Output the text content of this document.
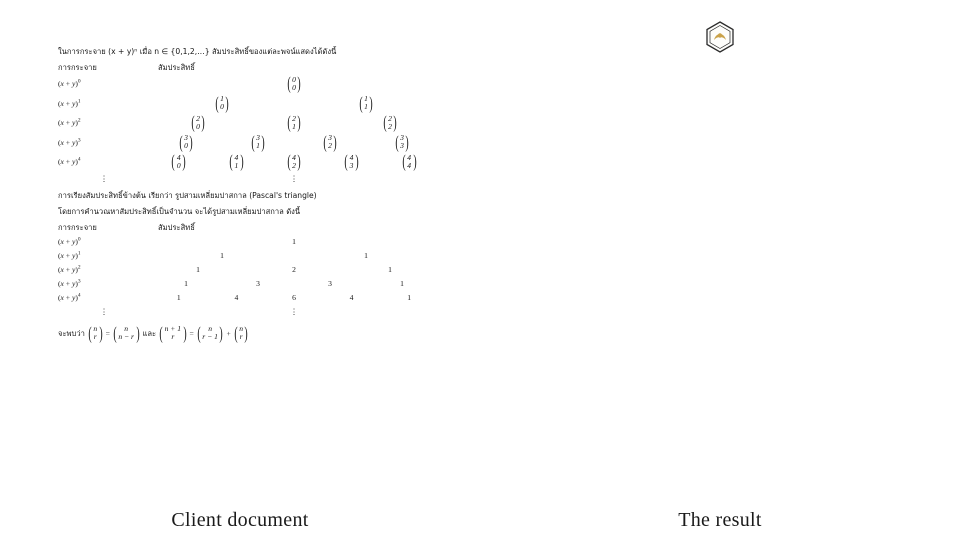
ในการกระจาย (x + y)ⁿ เมื่อ n ∈ {0,1,2,…} สัมประสิทธิ์ของแต่ละพจน์แสดงได้ดังนี้
การกระจาย	สัมประสิทธิ์
$(x + y)^0$	( 0
0 )
$(x + y)^1$	( 1
0 )	( 1
1 )
$(x + y)^2$	( 2
0 )	( 2
1 )	( 2
2 )
$(x + y)^3$	( 3
0 )	( 3
1 )	( 3
2 )	( 3
3 )
$(x + y)^4$	( 4
0 ) ( 4
1 ) ( 4
2 ) ( 4
3 ) ( 4
4 )
⋮	⋮
การเรียงสัมประสิทธิ์ข้างต้น เรียกว่า รูปสามเหลี่ยมปาสกาล (Pascal's triangle)
โดยการคำนวณหาสัมประสิทธิ์เป็นจำนวน จะได้รูปสามเหลี่ยมปาสกาล ดังนี้
การกระจาย	สัมประสิทธิ์
$(x + y)^0$	1
$(x + y)^1$	1	1
$(x + y)^2$	1	2	1
$(x + y)^3$	1	3	3	1
$(x + y)^4$	1	4	6	4	1
⋮	⋮
จะพบว่า ( n
r ) = ( n
n − r ) และ ( n + 1
r ) = ( n
r − 1 ) + ( n
r )
Client document

	The result
